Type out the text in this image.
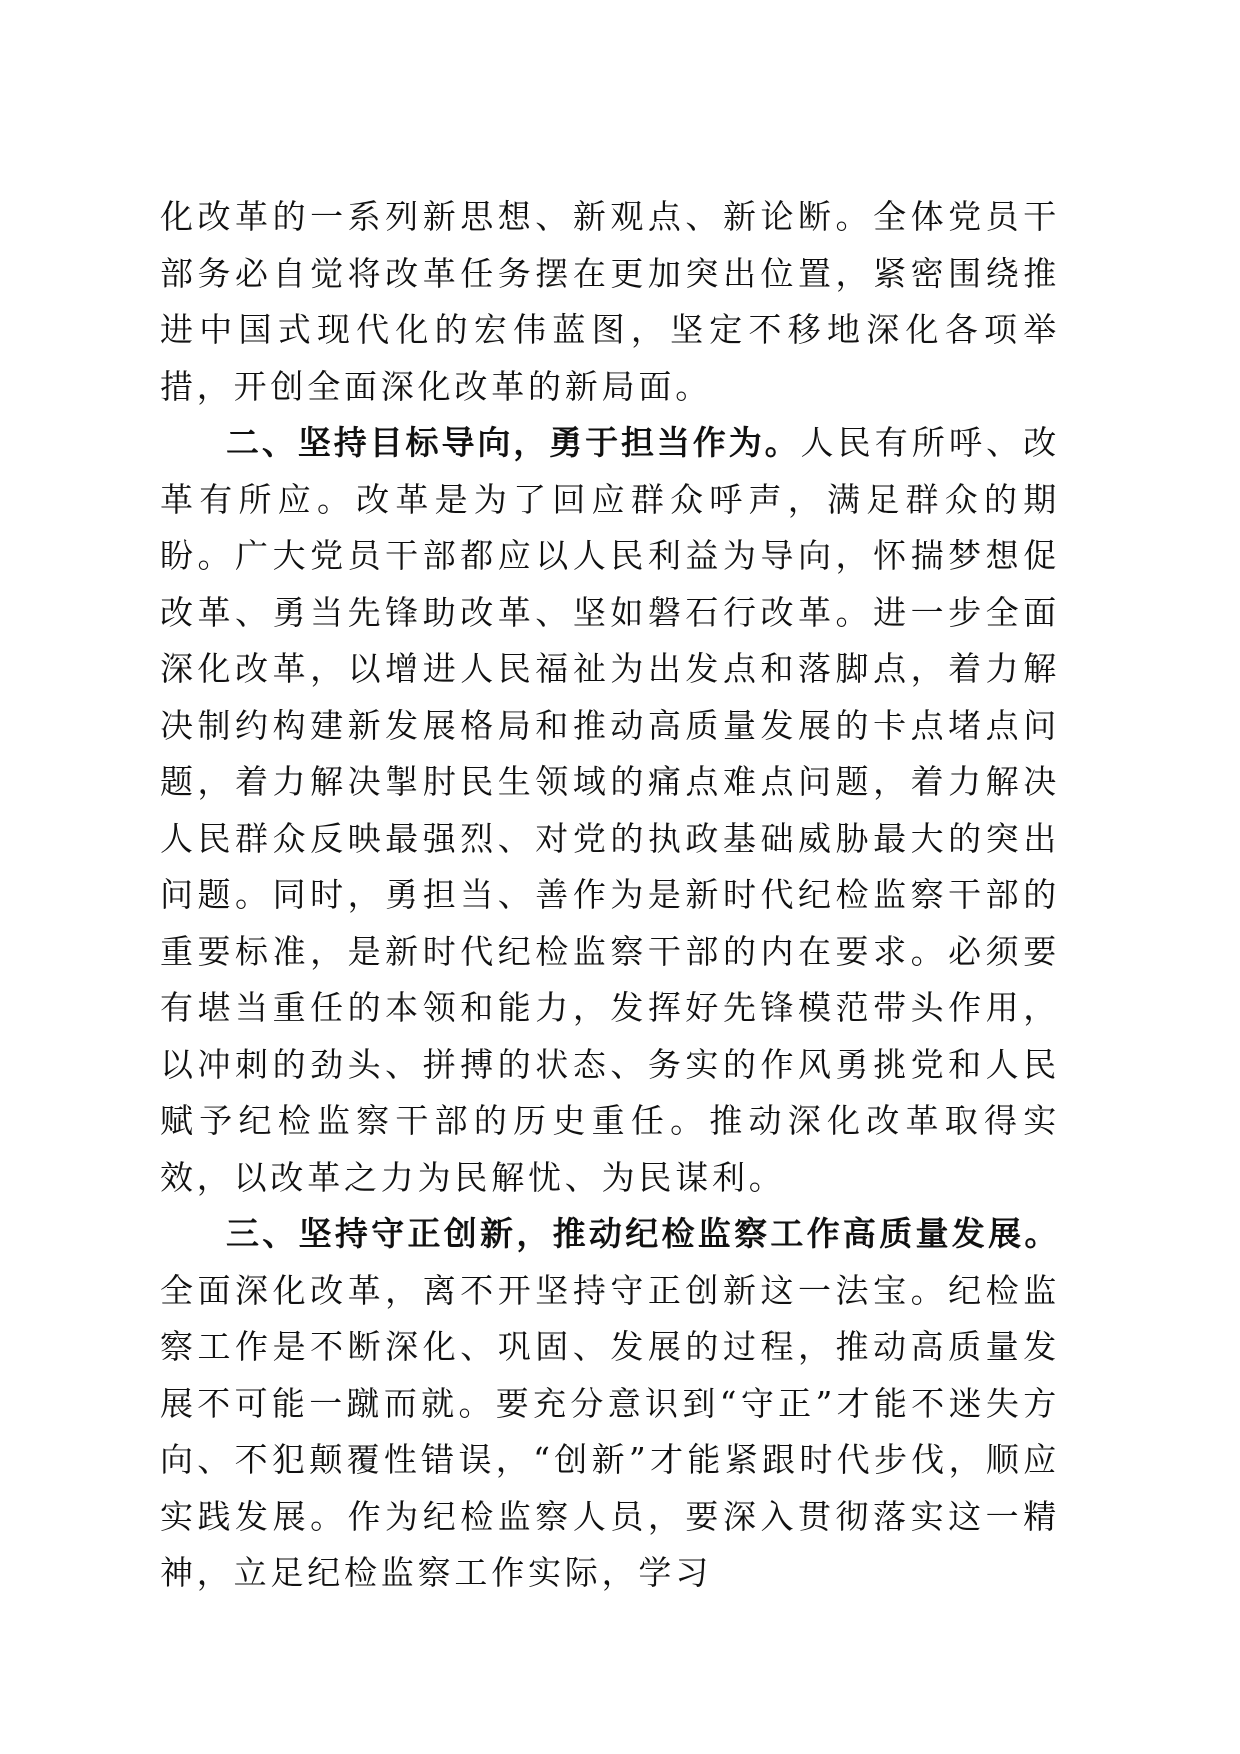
化改革的一系列新思想、新观点、新论断。全体党员干部务必自觉将改革任务摆在更加突出位置，紧密围绕推进中国式现代化的宏伟蓝图，坚定不移地深化各项举措，开创全面深化改革的新局面。

二、坚持目标导向，勇于担当作为。人民有所呼、改革有所应。改革是为了回应群众呼声，满足群众的期盼。广大党员干部都应以人民利益为导向，怀揣梦想促改革、勇当先锋助改革、坚如磐石行改革。进一步全面深化改革，以增进人民福祉为出发点和落脚点，着力解决制约构建新发展格局和推动高质量发展的卡点堵点问题，着力解决掣肘民生领域的痛点难点问题，着力解决人民群众反映最强烈、对党的执政基础威胁最大的突出问题。同时，勇担当、善作为是新时代纪检监察干部的重要标准，是新时代纪检监察干部的内在要求。必须要有堪当重任的本领和能力，发挥好先锋模范带头作用，以冲刺的劲头、拼搏的状态、务实的作风勇挑党和人民赋予纪检监察干部的历史重任。推动深化改革取得实效，以改革之力为民解忧、为民谋利。

三、坚持守正创新，推动纪检监察工作高质量发展。全面深化改革，离不开坚持守正创新这一法宝。纪检监察工作是不断深化、巩固、发展的过程，推动高质量发展不可能一蹴而就。要充分意识到“守正”才能不迷失方向、不犯颠覆性错误，“创新”才能紧跟时代步伐，顺应实践发展。作为纪检监察人员，要深入贯彻落实这一精神，立足纪检监察工作实际，学习
